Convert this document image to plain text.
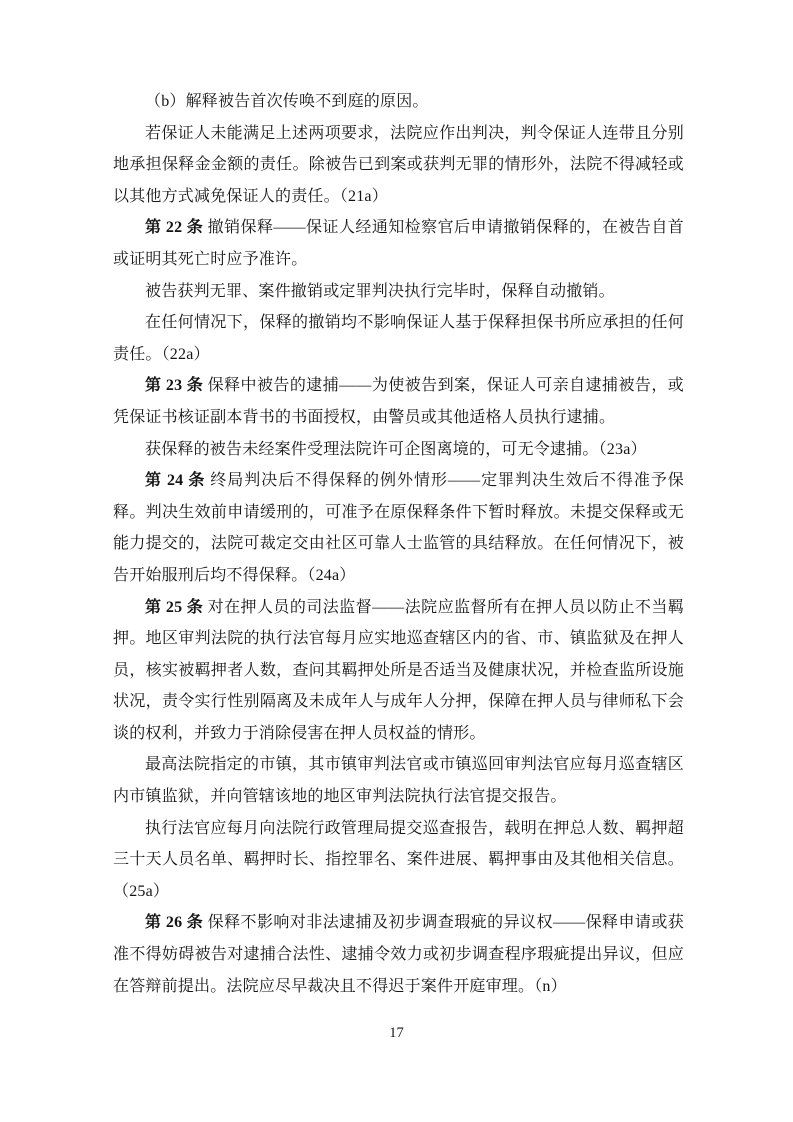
（b）解释被告首次传唤不到庭的原因。

若保证人未能满足上述两项要求，法院应作出判决，判令保证人连带且分别地承担保释金金额的责任。除被告已到案或获判无罪的情形外，法院不得减轻或以其他方式减免保证人的责任。（21a）

第 22 条 撤销保释——保证人经通知检察官后申请撤销保释的，在被告自首或证明其死亡时应予准许。

被告获判无罪、案件撤销或定罪判决执行完毕时，保释自动撤销。

在任何情况下，保释的撤销均不影响保证人基于保释担保书所应承担的任何责任。（22a）

第 23 条 保释中被告的逮捕——为使被告到案，保证人可亲自逮捕被告，或凭保证书核证副本背书的书面授权，由警员或其他适格人员执行逮捕。

获保释的被告未经案件受理法院许可企图离境的，可无令逮捕。（23a）

第 24 条 终局判决后不得保释的例外情形——定罪判决生效后不得准予保释。判决生效前申请缓刑的，可准予在原保释条件下暂时释放。未提交保释或无能力提交的，法院可裁定交由社区可靠人士监管的具结释放。在任何情况下，被告开始服刑后均不得保释。（24a）

第 25 条 对在押人员的司法监督——法院应监督所有在押人员以防止不当羁押。地区审判法院的执行法官每月应实地巡查辖区内的省、市、镇监狱及在押人员，核实被羁押者人数，查问其羁押处所是否适当及健康状况，并检查监所设施状况，责令实行性别隔离及未成年人与成年人分押，保障在押人员与律师私下会谈的权利，并致力于消除侵害在押人员权益的情形。

最高法院指定的市镇，其市镇审判法官或市镇巡回审判法官应每月巡查辖区内市镇监狱，并向管辖该地的地区审判法院执行法官提交报告。

执行法官应每月向法院行政管理局提交巡查报告，载明在押总人数、羁押超三十天人员名单、羁押时长、指控罪名、案件进展、羁押事由及其他相关信息。（25a）

第 26 条 保释不影响对非法逮捕及初步调查瑕疵的异议权——保释申请或获准不得妨碍被告对逮捕合法性、逮捕令效力或初步调查程序瑕疵提出异议，但应在答辩前提出。法院应尽早裁决且不得迟于案件开庭审理。（n）

17
